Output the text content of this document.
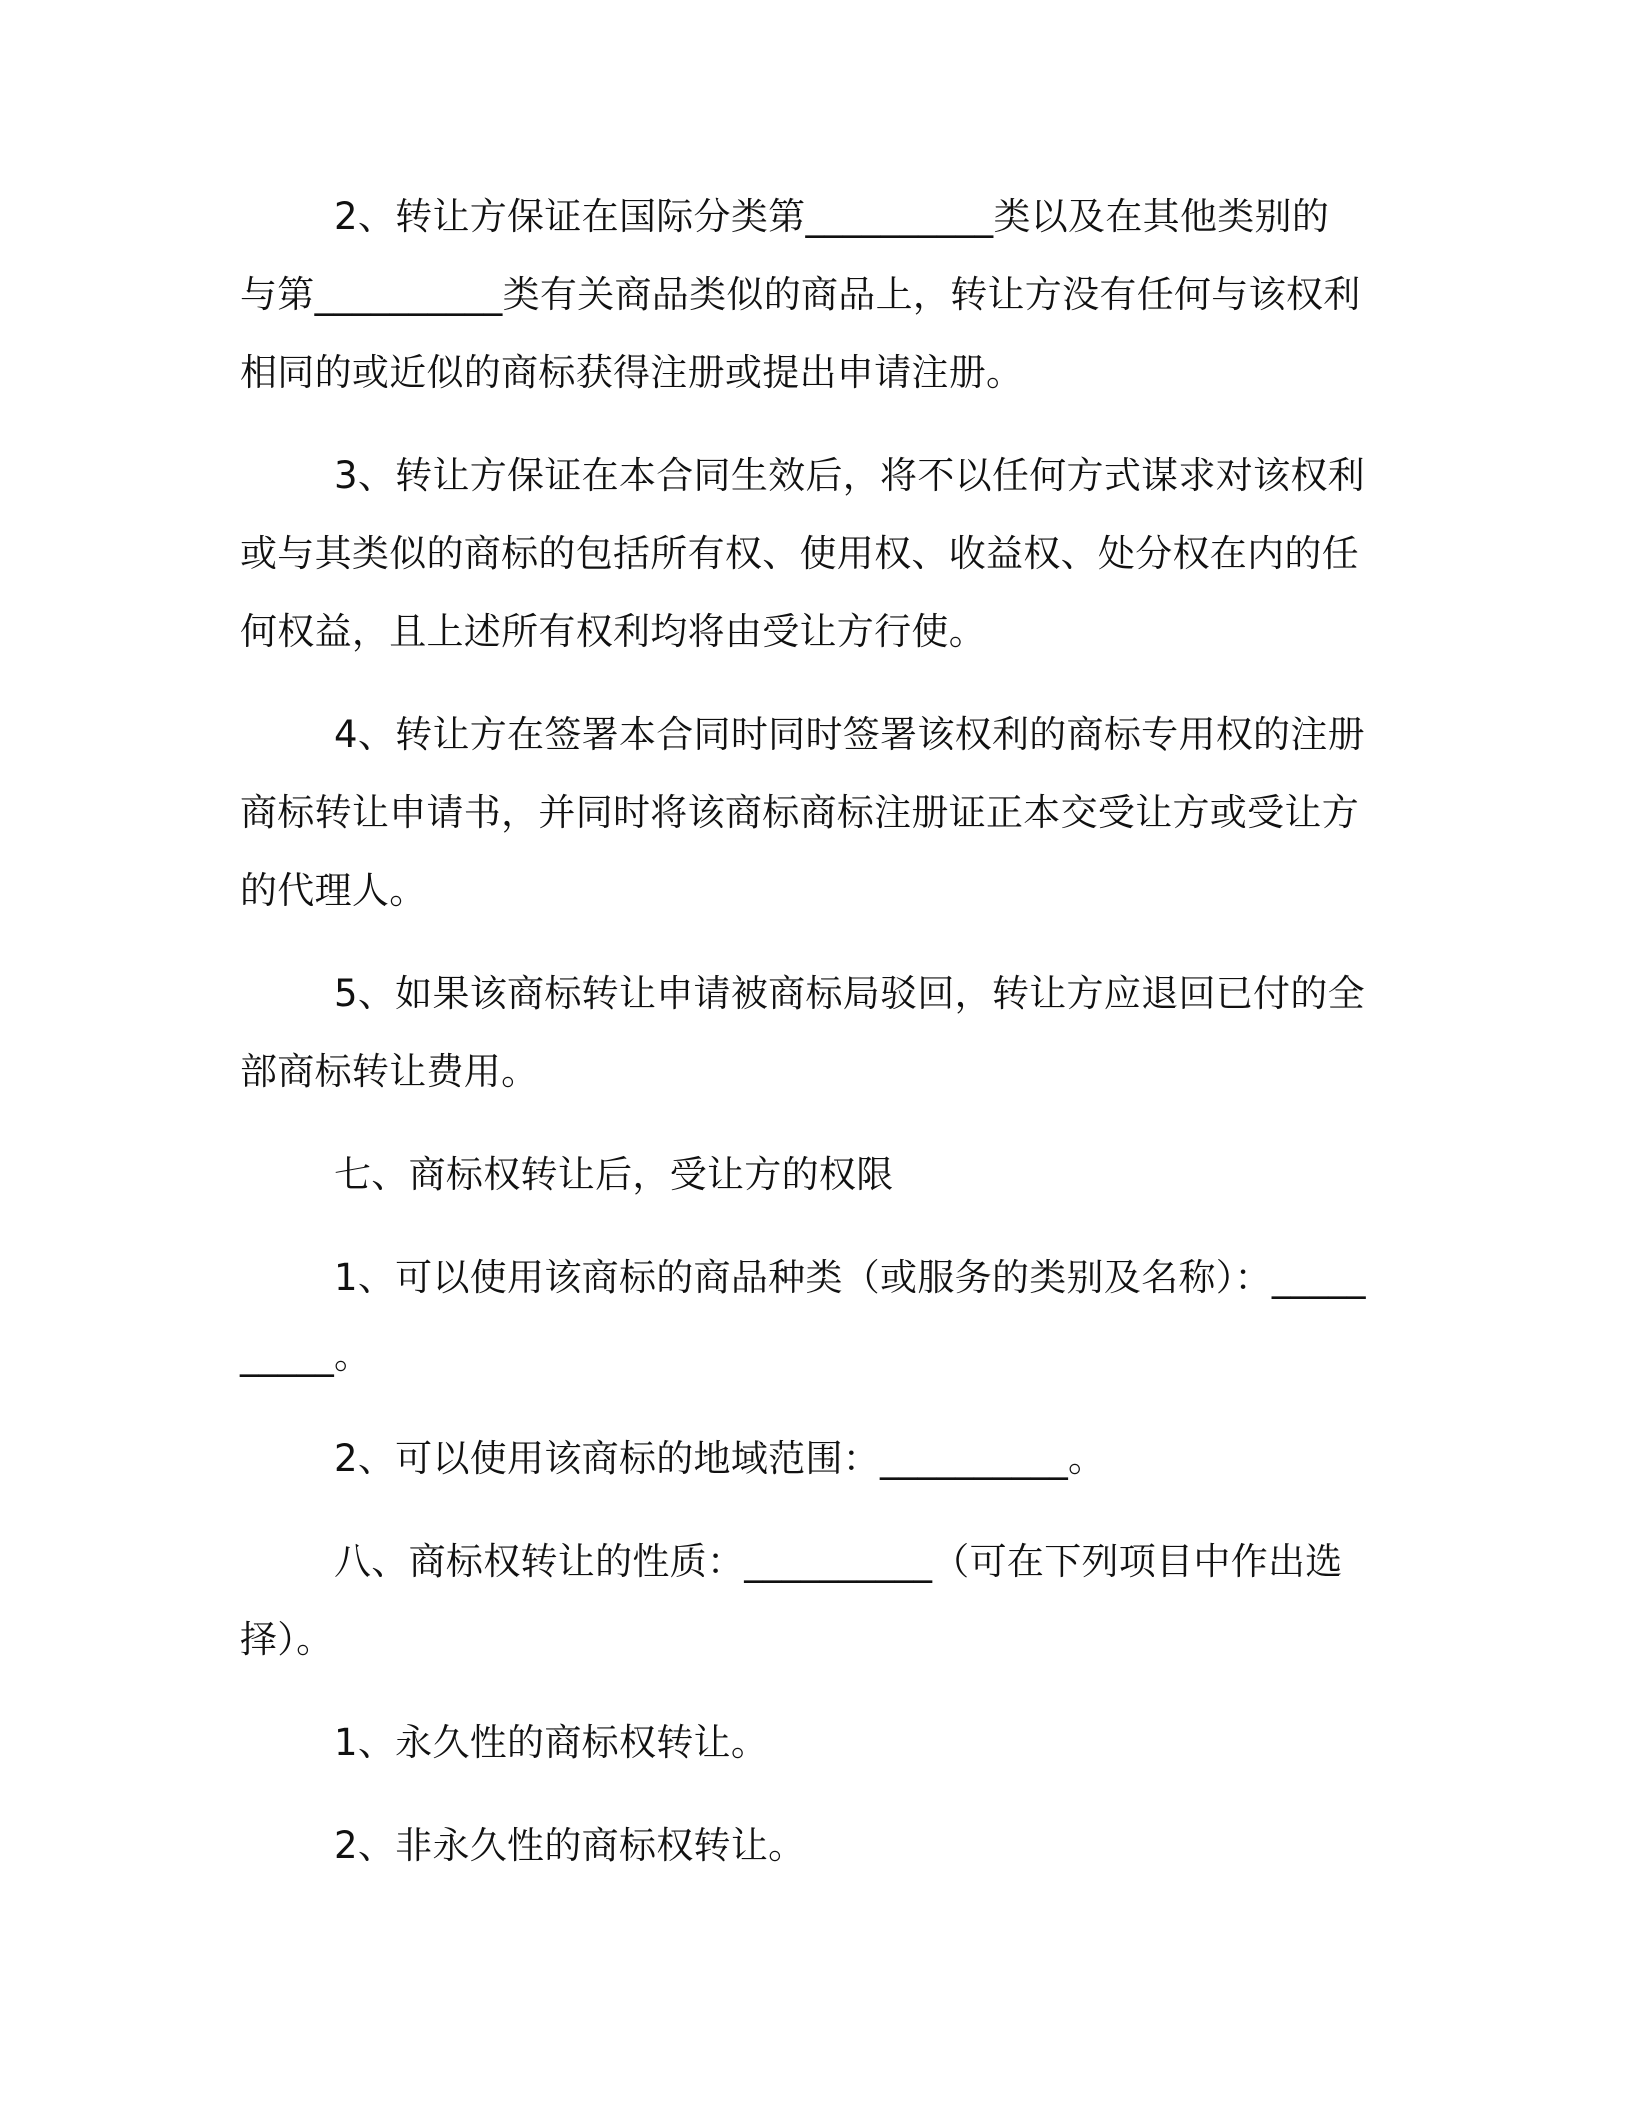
2、转让方保证在国际分类第__________类以及在其他类别的与第__________类有关商品类似的商品上，转让方没有任何与该权利相同的或近似的商标获得注册或提出申请注册。

3、转让方保证在本合同生效后，将不以任何方式谋求对该权利或与其类似的商标的包括所有权、使用权、收益权、处分权在内的任何权益，且上述所有权利均将由受让方行使。

4、转让方在签署本合同时同时签署该权利的商标专用权的注册商标转让申请书，并同时将该商标商标注册证正本交受让方或受让方的代理人。

5、如果该商标转让申请被商标局驳回，转让方应退回已付的全部商标转让费用。

七、商标权转让后，受让方的权限

1、可以使用该商标的商品种类（或服务的类别及名称）：__________。

2、可以使用该商标的地域范围：__________。

八、商标权转让的性质：__________（可在下列项目中作出选择）。

1、永久性的商标权转让。

2、非永久性的商标权转让。
